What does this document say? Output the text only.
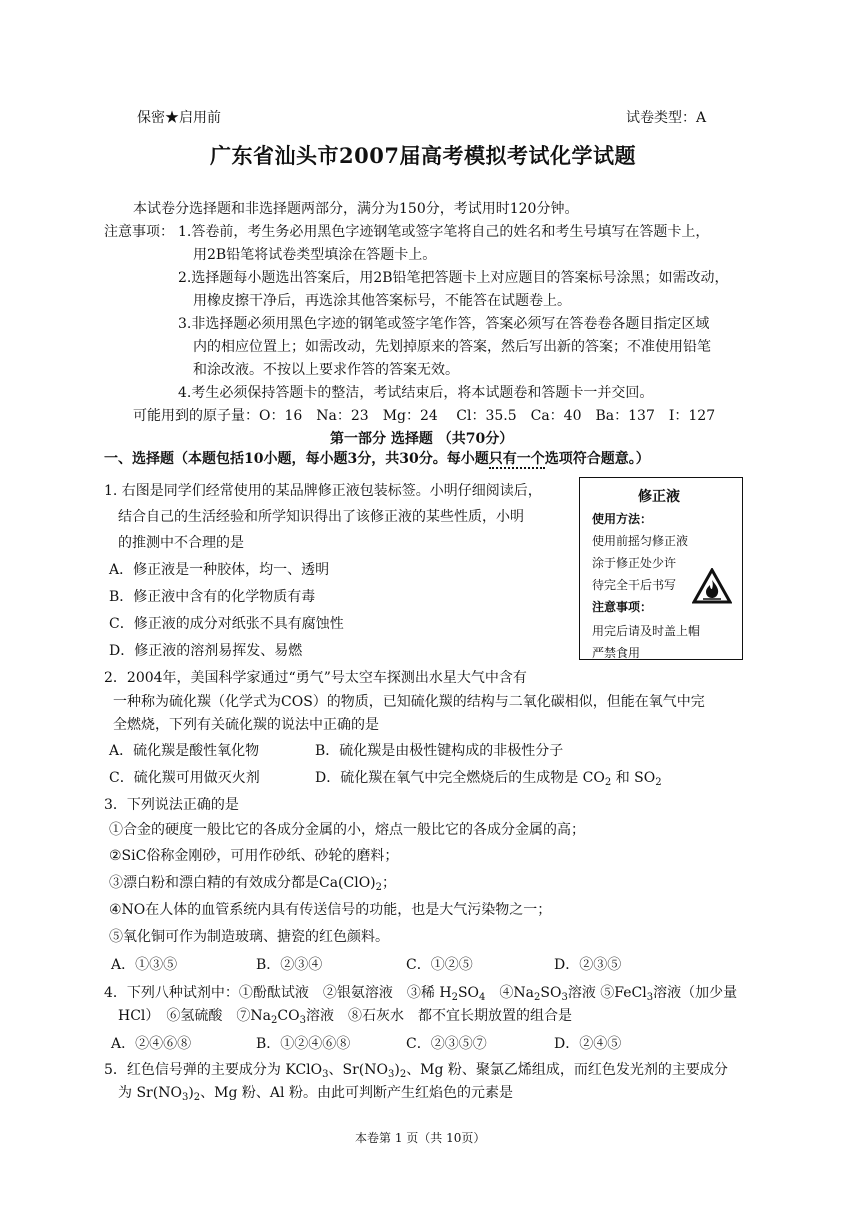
保密★启用前	试卷类型：A
广东省汕头市2007届高考模拟考试化学试题
本试卷分选择题和非选择题两部分，满分为150分，考试用时120分钟。
注意事项： 1.答卷前，考生务必用黑色字迹钢笔或签字笔将自己的姓名和考生号填写在答题卡上，
用2B铅笔将试卷类型填涂在答题卡上。
2.选择题每小题选出答案后，用2B铅笔把答题卡上对应题目的答案标号涂黑；如需改动，
用橡皮擦干净后，再选涂其他答案标号，不能答在试题卷上。
3.非选择题必须用黑色字迹的钢笔或签字笔作答，答案必须写在答卷卷各题目指定区域
内的相应位置上；如需改动，先划掉原来的答案，然后写出新的答案；不准使用铅笔
和涂改液。不按以上要求作答的答案无效。
4.考生必须保持答题卡的整洁，考试结束后，将本试题卷和答题卡一并交回。
可能用到的原子量：O：16　Na：23　Mg：24　 Cl：35.5　Ca：40　Ba：137　I：127
第一部分 选择题 （共70分）
一、选择题（本题包括10小题，每小题3分，共30分。每小题只有一个选项符合题意。）
1. 右图是同学们经常使用的某品牌修正液包装标签。小明仔细阅读后，
结合自己的生活经验和所学知识得出了该修正液的某些性质，小明
的推测中不合理的是
A．修正液是一种胶体，均一、透明
B．修正液中含有的化学物质有毒
C．修正液的成分对纸张不具有腐蚀性
D．修正液的溶剂易挥发、易燃
修正液
使用方法：
使用前摇匀修正液
涂于修正处少许
待完全干后书写
注意事项：
用完后请及时盖上帽
严禁食用
2．2004年，美国科学家通过“勇气”号太空车探测出水星大气中含有
一种称为硫化羰（化学式为COS）的物质，已知硫化羰的结构与二氧化碳相似，但能在氧气中完
全燃烧，下列有关硫化羰的说法中正确的是
A．硫化羰是酸性氧化物	B．硫化羰是由极性键构成的非极性分子
C．硫化羰可用做灭火剂	D．硫化羰在氧气中完全燃烧后的生成物是 $CO_2$ 和 $SO_2$
3．下列说法正确的是
①合金的硬度一般比它的各成分金属的小，熔点一般比它的各成分金属的高；
②SiC俗称金刚砂，可用作砂纸、砂轮的磨料；
③漂白粉和漂白精的有效成分都是$Ca(ClO)_2$；
④NO在人体的血管系统内具有传送信号的功能，也是大气污染物之一；
⑤氧化铜可作为制造玻璃、搪瓷的红色颜料。
A．①③⑤	B．②③④	C．①②⑤	D．②③⑤
4．下列八种试剂中：①酚酞试液　②银氨溶液　③稀 $H_2SO_4$　$④Na_2SO_3$溶液 ⑤FeCl$_3$溶液（加少量
HCl）　⑥氢硫酸　$⑦Na_2CO_3$溶液　⑧石灰水　都不宜长期放置的组合是
A．②④⑥⑧	B．①②④⑥⑧	C．②③⑤⑦	D．②④⑤
5．红色信号弹的主要成分为 KClO$_3$、$Sr(NO_3)_2$、Mg 粉、聚氯乙烯组成，而红色发光剂的主要成分
为 $Sr(NO_3)_2$、Mg 粉、Al 粉。由此可判断产生红焰色的元素是
本卷第 1 页（共 10页）
